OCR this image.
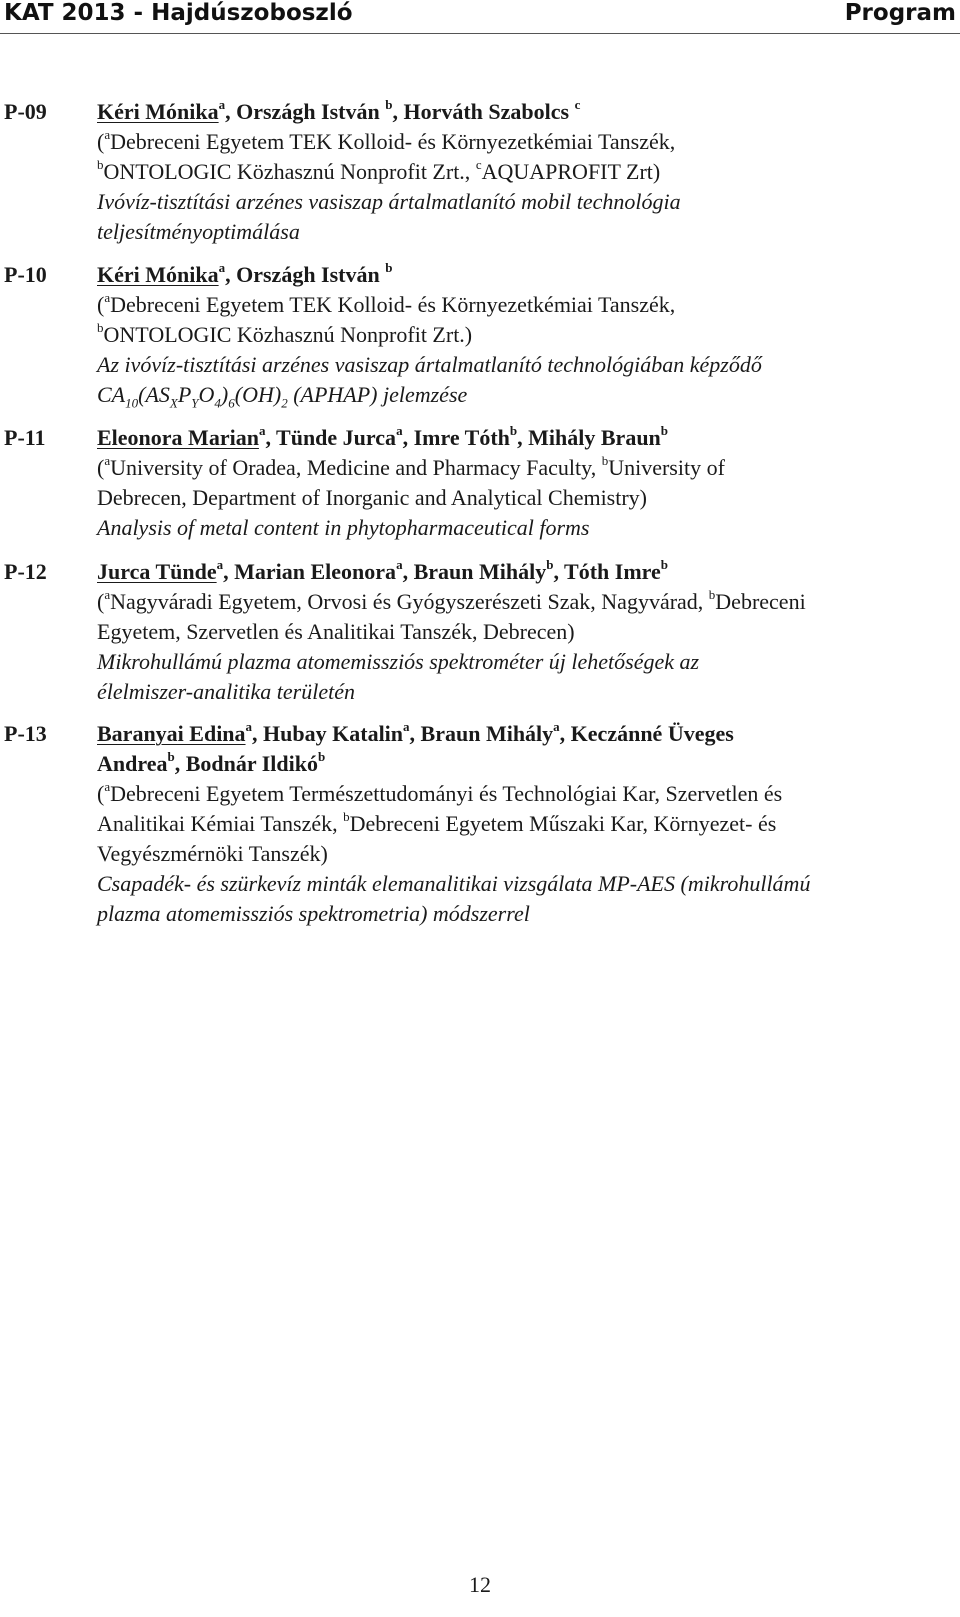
KAT 2013 - Hajdúszoboszló	Program
P-09 Kéri Mónika$^a$, Országh István $^b$, Horváth Szabolcs $^c$
($^a$Debreceni Egyetem TEK Kolloid- és Környezetkémiai Tanszék,
$^b$ONTOLOGIC Közhasznú Nonprofit Zrt., $^c$AQUAPROFIT Zrt)
Ivóvíz-tisztítási arzénes vasiszap ártalmatlanító mobil technológia
teljesítményoptimálása
P-10 Kéri Mónika$^a$, Országh István $^b$
($^a$Debreceni Egyetem TEK Kolloid- és Környezetkémiai Tanszék,
$^b$ONTOLOGIC Közhasznú Nonprofit Zrt.)
Az ivóvíz-tisztítási arzénes vasiszap ártalmatlanító technológiában képződő
$CA_{10}(AS_XP_YO_4)_6(OH)_2$ (APHAP) jelemzése
P-11 Eleonora Marian$^a$, Tünde Jurca$^a$, Imre Tóth$^b$, Mihály Braun$^b$
($^a$University of Oradea, Medicine and Pharmacy Faculty, $^b$University of
Debrecen, Department of Inorganic and Analytical Chemistry)
Analysis of metal content in phytopharmaceutical forms
P-12 Jurca Tünde$^a$, Marian Eleonora$^a$, Braun Mihály$^b$, Tóth Imre$^b$
($^a$Nagyváradi Egyetem, Orvosi és Gyógyszerészeti Szak, Nagyvárad, $^b$Debreceni
Egyetem, Szervetlen és Analitikai Tanszék, Debrecen)
Mikrohullámú plazma atomemissziós spektrométer új lehetőségek az
élelmiszer-analitika területén
P-13 Baranyai Edina$^a$, Hubay Katalin$^a$, Braun Mihály$^a$, Keczánné Üveges
Andrea$^b$, Bodnár Ildikó$^b$
($^a$Debreceni Egyetem Természettudományi és Technológiai Kar, Szervetlen és
Analitikai Kémiai Tanszék, $^b$Debreceni Egyetem Műszaki Kar, Környezet- és
Vegyészmérnöki Tanszék)
Csapadék- és szürkevíz minták elemanalitikai vizsgálata MP-AES (mikrohullámú
plazma atomemissziós spektrometria) módszerrel
12
